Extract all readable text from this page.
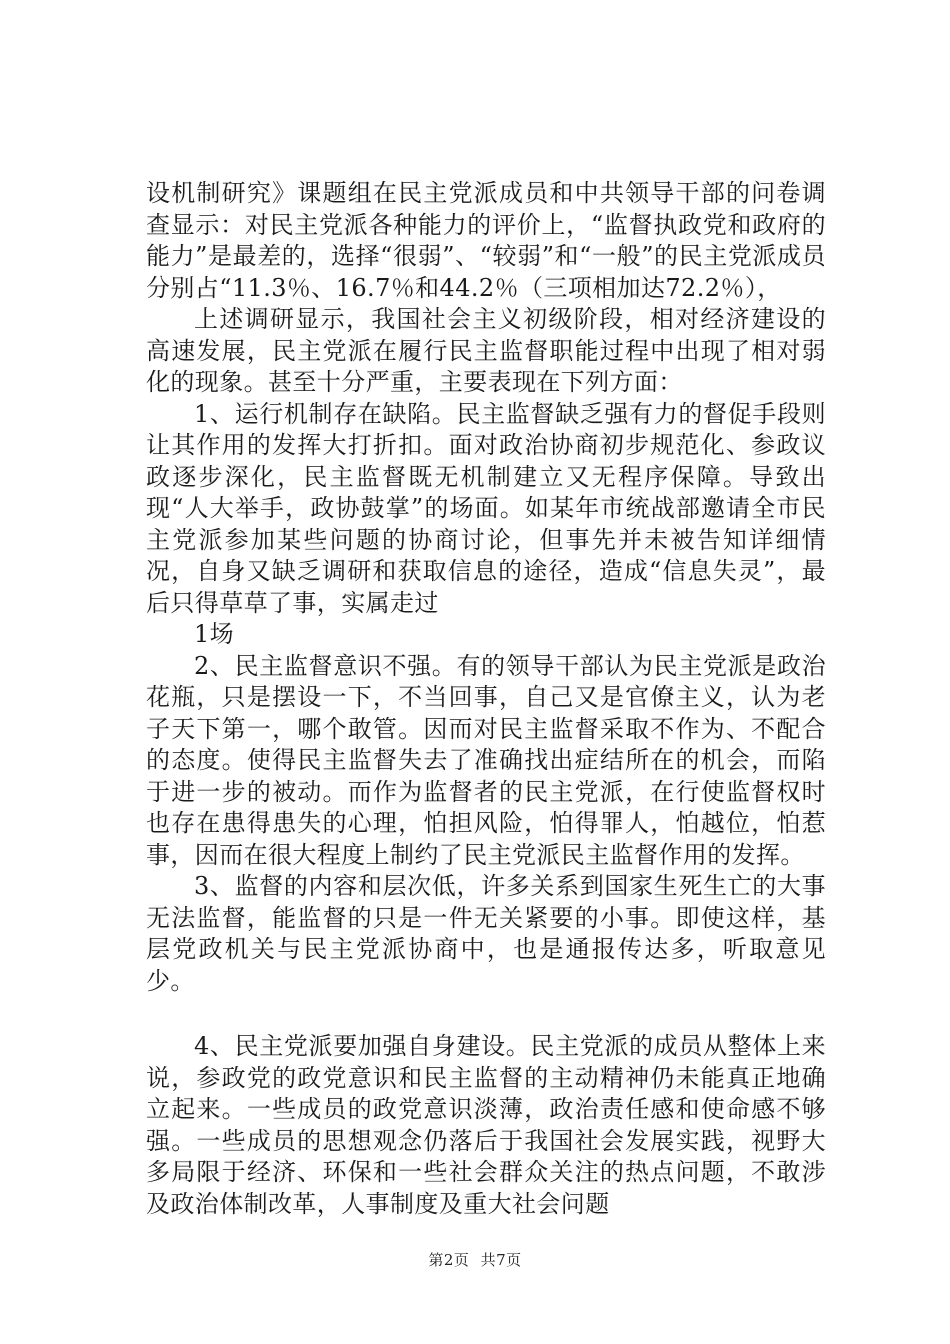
设机制研究》课题组在民主党派成员和中共领导干部的问卷调查显示：对民主党派各种能力的评价上，“监督执政党和政府的能力”是最差的，选择“很弱”、“较弱”和“一般”的民主党派成员分别占“11.3％、16.7％和44.2％（三项相加达72.2％），

上述调研显示，我国社会主义初级阶段，相对经济建设的高速发展，民主党派在履行民主监督职能过程中出现了相对弱化的现象。甚至十分严重，主要表现在下列方面：

1、运行机制存在缺陷。民主监督缺乏强有力的督促手段则让其作用的发挥大打折扣。面对政治协商初步规范化、参政议政逐步深化，民主监督既无机制建立又无程序保障。导致出现“人大举手，政协鼓掌”的场面。如某年市统战部邀请全市民主党派参加某些问题的协商讨论，但事先并未被告知详细情况，自身又缺乏调研和获取信息的途径，造成“信息失灵”，最后只得草草了事，实属走过

1场

2、民主监督意识不强。有的领导干部认为民主党派是政治花瓶，只是摆设一下，不当回事，自己又是官僚主义，认为老子天下第一，哪个敢管。因而对民主监督采取不作为、不配合的态度。使得民主监督失去了准确找出症结所在的机会，而陷于进一步的被动。而作为监督者的民主党派，在行使监督权时也存在患得患失的心理，怕担风险，怕得罪人，怕越位，怕惹事，因而在很大程度上制约了民主党派民主监督作用的发挥。

3、监督的内容和层次低，许多关系到国家生死生亡的大事无法监督，能监督的只是一件无关紧要的小事。即使这样，基层党政机关与民主党派协商中，也是通报传达多，听取意见少。

4、民主党派要加强自身建设。民主党派的成员从整体上来说，参政党的政党意识和民主监督的主动精神仍未能真正地确立起来。一些成员的政党意识淡薄，政治责任感和使命感不够强。一些成员的思想观念仍落后于我国社会发展实践，视野大多局限于经济、环保和一些社会群众关注的热点问题，不敢涉及政治体制改革，人事制度及重大社会问题

第2页 共7页
